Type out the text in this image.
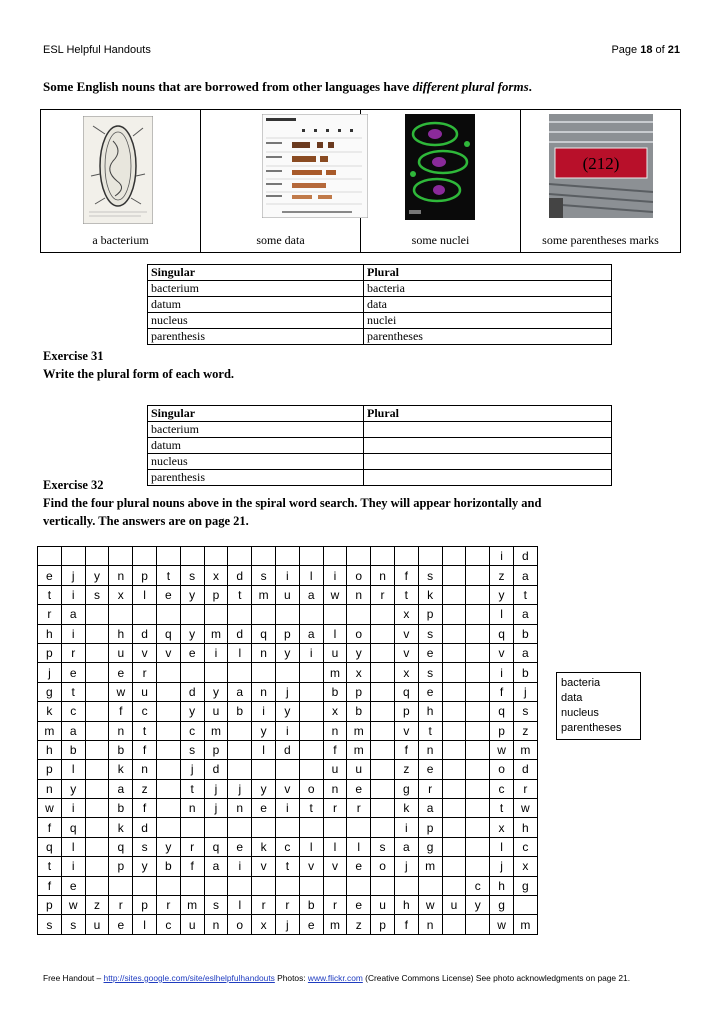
ESL Helpful Handouts	Page 18 of 21
Some English nouns that are borrowed from other languages have different plural forms.
a bacterium	some data	some nuclei
(212)
some parentheses marks
Singular	Plural
bacterium	bacteria
datum	data
nucleus	nuclei
parenthesis	parentheses
Exercise 31
Write the plural form of each word.
Singular	Plural
bacterium	
datum	
nucleus	
parenthesis	
Exercise 32
Find the four plural nouns above in the spiral word search. They will appear horizontally and
vertically. The answers are on page 21.
																			i	d
e	j	y	n	p	t	s	x	d	s	i	l	i	o	n	f	s			z	a
t	i	s	x	l	e	y	p	t	m	u	a	w	n	r	t	k			y	t
r	a														x	p			l	a
h	i		h	d	q	y	m	d	q	p	a	l	o		v	s			q	b
p	r		u	v	v	e	i	l	n	y	i	u	y		v	e			v	a
j	e		e	r								m	x		x	s			i	b
g	t		w	u		d	y	a	n	j		b	p		q	e			f	j
k	c		f	c		y	u	b	i	y		x	b		p	h			q	s
m	a		n	t		c	m		y	i		n	m		v	t			p	z
h	b		b	f		s	p		l	d		f	m		f	n			w	m
p	l		k	n		j	d					u	u		z	e			o	d
n	y		a	z		t	j	j	y	v	o	n	e		g	r			c	r
w	i		b	f		n	j	n	e	i	t	r	r		k	a			t	w
f	q		k	d											i	p			x	h
q	l		q	s	y	r	q	e	k	c	l	l	l	s	a	g			l	c
t	i		p	y	b	f	a	i	v	t	v	v	e	o	j	m			j	x
f	e																	c	h	g
p	w	z	r	p	r	m	s	l	r	r	b	r	e	u	h	w	u	y	g	
s	s	u	e	l	c	u	n	o	x	j	e	m	z	p	f	n			w	m
bacteria
data
nucleus
parentheses
Free Handout – http://sites.google.com/site/eslhelpfulhandouts Photos: www.flickr.com (Creative Commons License) See photo acknowledgments on page 21.
